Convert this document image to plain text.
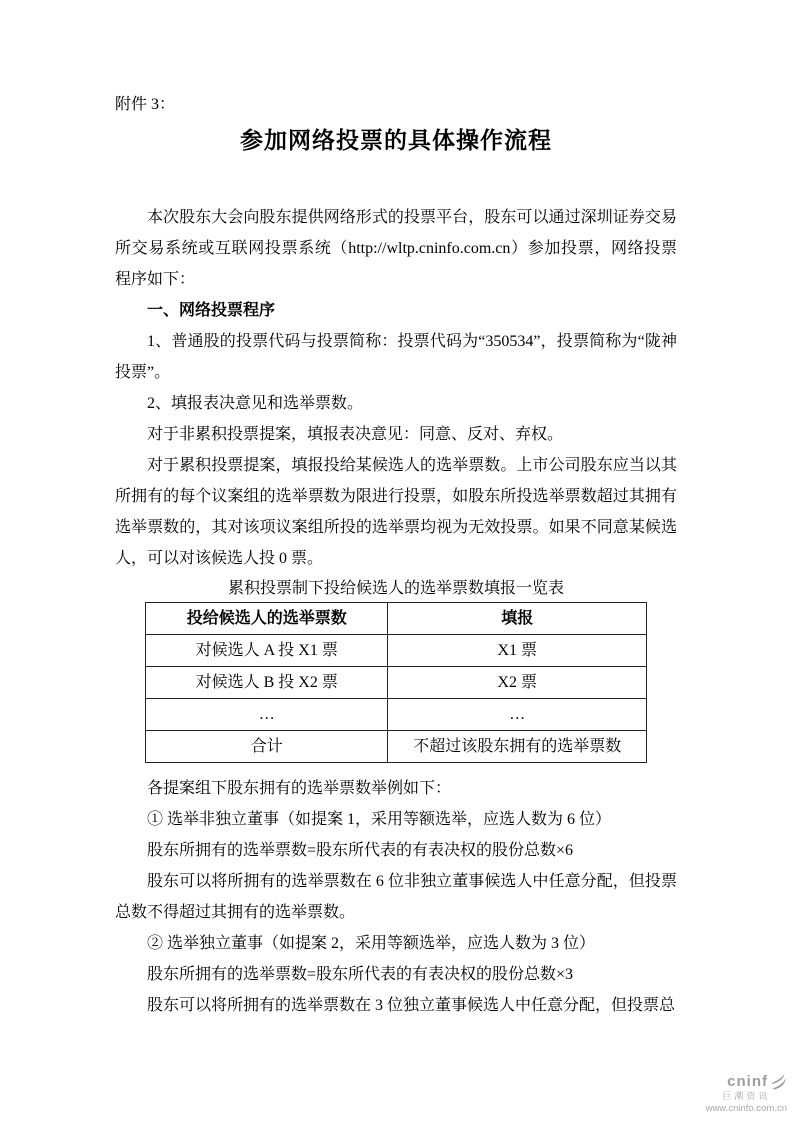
附件 3：
参加网络投票的具体操作流程

本次股东大会向股东提供网络形式的投票平台，股东可以通过深圳证券交易所交易系统或互联网投票系统（http://wltp.cninfo.com.cn）参加投票，网络投票程序如下：

一、网络投票程序

1、普通股的投票代码与投票简称：投票代码为“350534”，投票简称为“陇神投票”。

2、填报表决意见和选举票数。

对于非累积投票提案，填报表决意见：同意、反对、弃权。

对于累积投票提案，填报投给某候选人的选举票数。上市公司股东应当以其所拥有的每个议案组的选举票数为限进行投票，如股东所投选举票数超过其拥有选举票数的，其对该项议案组所投的选举票均视为无效投票。如果不同意某候选人，可以对该候选人投 0 票。

累积投票制下投给候选人的选举票数填报一览表
投给候选人的选举票数	填报
对候选人 A 投 X1 票	X1 票
对候选人 B 投 X2 票	X2 票
…	…
合计	不超过该股东拥有的选举票数

各提案组下股东拥有的选举票数举例如下：

① 选举非独立董事（如提案 1，采用等额选举，应选人数为 6 位）

股东所拥有的选举票数=股东所代表的有表决权的股份总数×6

股东可以将所拥有的选举票数在 6 位非独立董事候选人中任意分配，但投票总数不得超过其拥有的选举票数。

② 选举独立董事（如提案 2，采用等额选举，应选人数为 3 位）

股东所拥有的选举票数=股东所代表的有表决权的股份总数×3

股东可以将所拥有的选举票数在 3 位独立董事候选人中任意分配，但投票总

cninf
巨潮资讯
www.cninfo.com.cn
